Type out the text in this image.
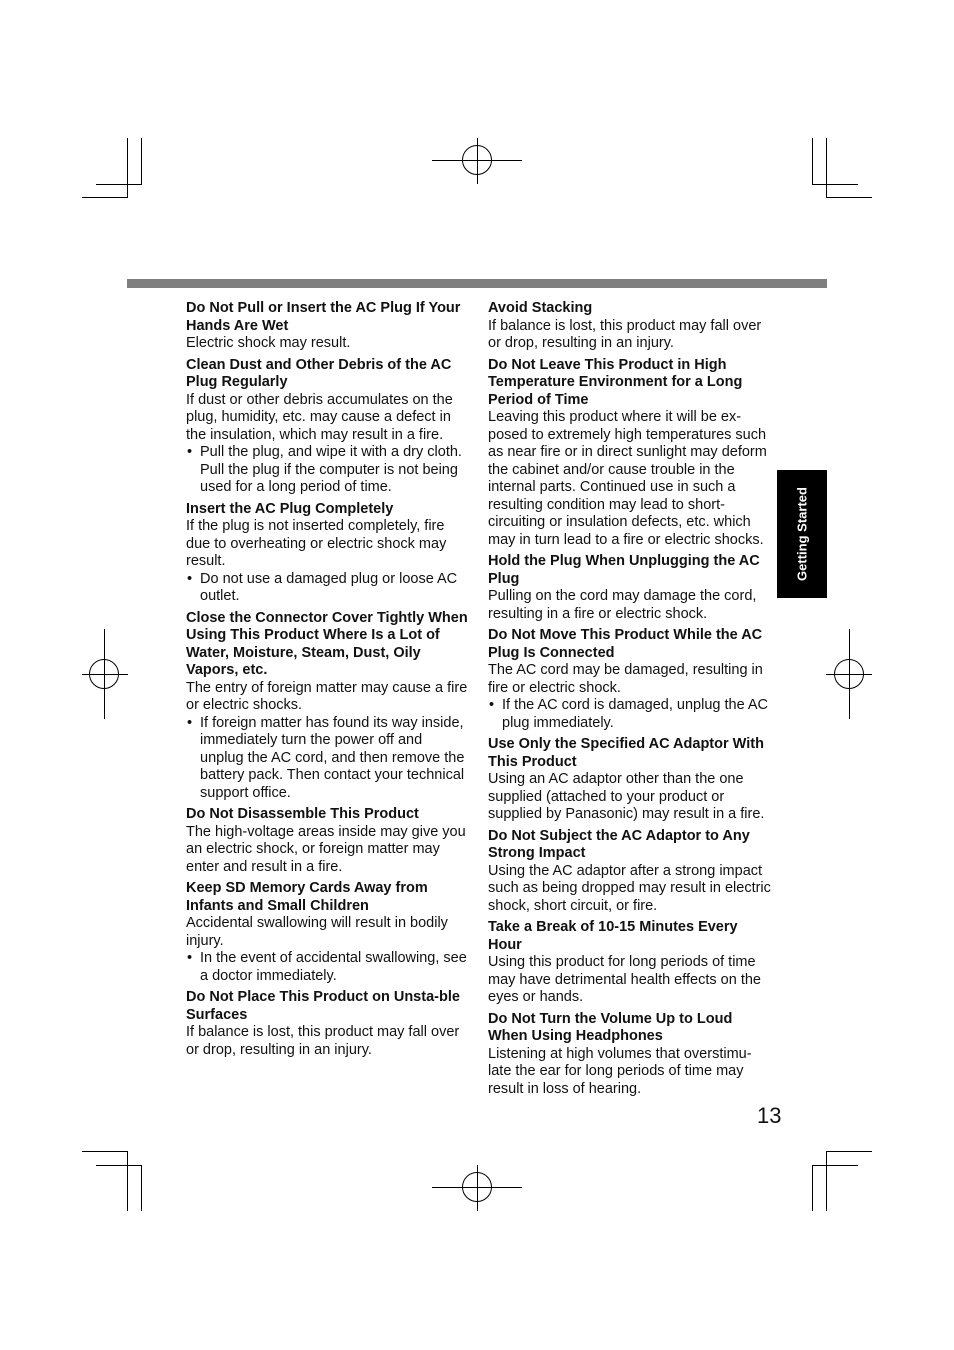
Do Not Pull or Insert the AC Plug If Your Hands Are Wet

Electric shock may result.

Clean Dust and Other Debris of the AC Plug Regularly

If dust or other debris accumulates on the plug, humidity, etc. may cause a defect in the insulation, which may result in a fire.

• Pull the plug, and wipe it with a dry cloth. Pull the plug if the computer is not being used for a long period of time.
Insert the AC Plug Completely

If the plug is not inserted completely, fire due to overheating or electric shock may result.

• Do not use a damaged plug or loose AC outlet.
Close the Connector Cover Tightly When Using This Product Where Is a Lot of Water, Moisture, Steam, Dust, Oily Vapors, etc.

The entry of foreign matter may cause a fire or electric shocks.

• If foreign matter has found its way inside, immediately turn the power off and unplug the AC cord, and then remove the battery pack. Then contact your technical support office.
Do Not Disassemble This Product

The high-voltage areas inside may give you an electric shock, or foreign matter may enter and result in a fire.

Keep SD Memory Cards Away from Infants and Small Children

Accidental swallowing will result in bodily injury.

• In the event of accidental swallowing, see a doctor immediately.
Do Not Place This Product on Unsta-ble Surfaces

If balance is lost, this product may fall over or drop, resulting in an injury.

Avoid Stacking

If balance is lost, this product may fall over or drop, resulting in an injury.

Do Not Leave This Product in High Temperature Environment for a Long Period of Time

Leaving this product where it will be ex-posed to extremely high temperatures such as near fire or in direct sunlight may deform the cabinet and/or cause trouble in the internal parts. Continued use in such a resulting condition may lead to short-circuiting or insulation defects, etc. which may in turn lead to a fire or electric shocks.

Hold the Plug When Unplugging the AC Plug

Pulling on the cord may damage the cord, resulting in a fire or electric shock.

Do Not Move This Product While the AC Plug Is Connected

The AC cord may be damaged, resulting in fire or electric shock.

• If the AC cord is damaged, unplug the AC plug immediately.
Use Only the Specified AC Adaptor With This Product

Using an AC adaptor other than the one supplied (attached to your product or supplied by Panasonic) may result in a fire.

Do Not Subject the AC Adaptor to Any Strong Impact

Using the AC adaptor after a strong impact such as being dropped may result in electric shock, short circuit, or fire.

Take a Break of 10-15 Minutes Every Hour

Using this product for long periods of time may have detrimental health effects on the eyes or hands.

Do Not Turn the Volume Up to Loud When Using Headphones

Listening at high volumes that overstimu-late the ear for long periods of time may result in loss of hearing.

Getting Started
13
